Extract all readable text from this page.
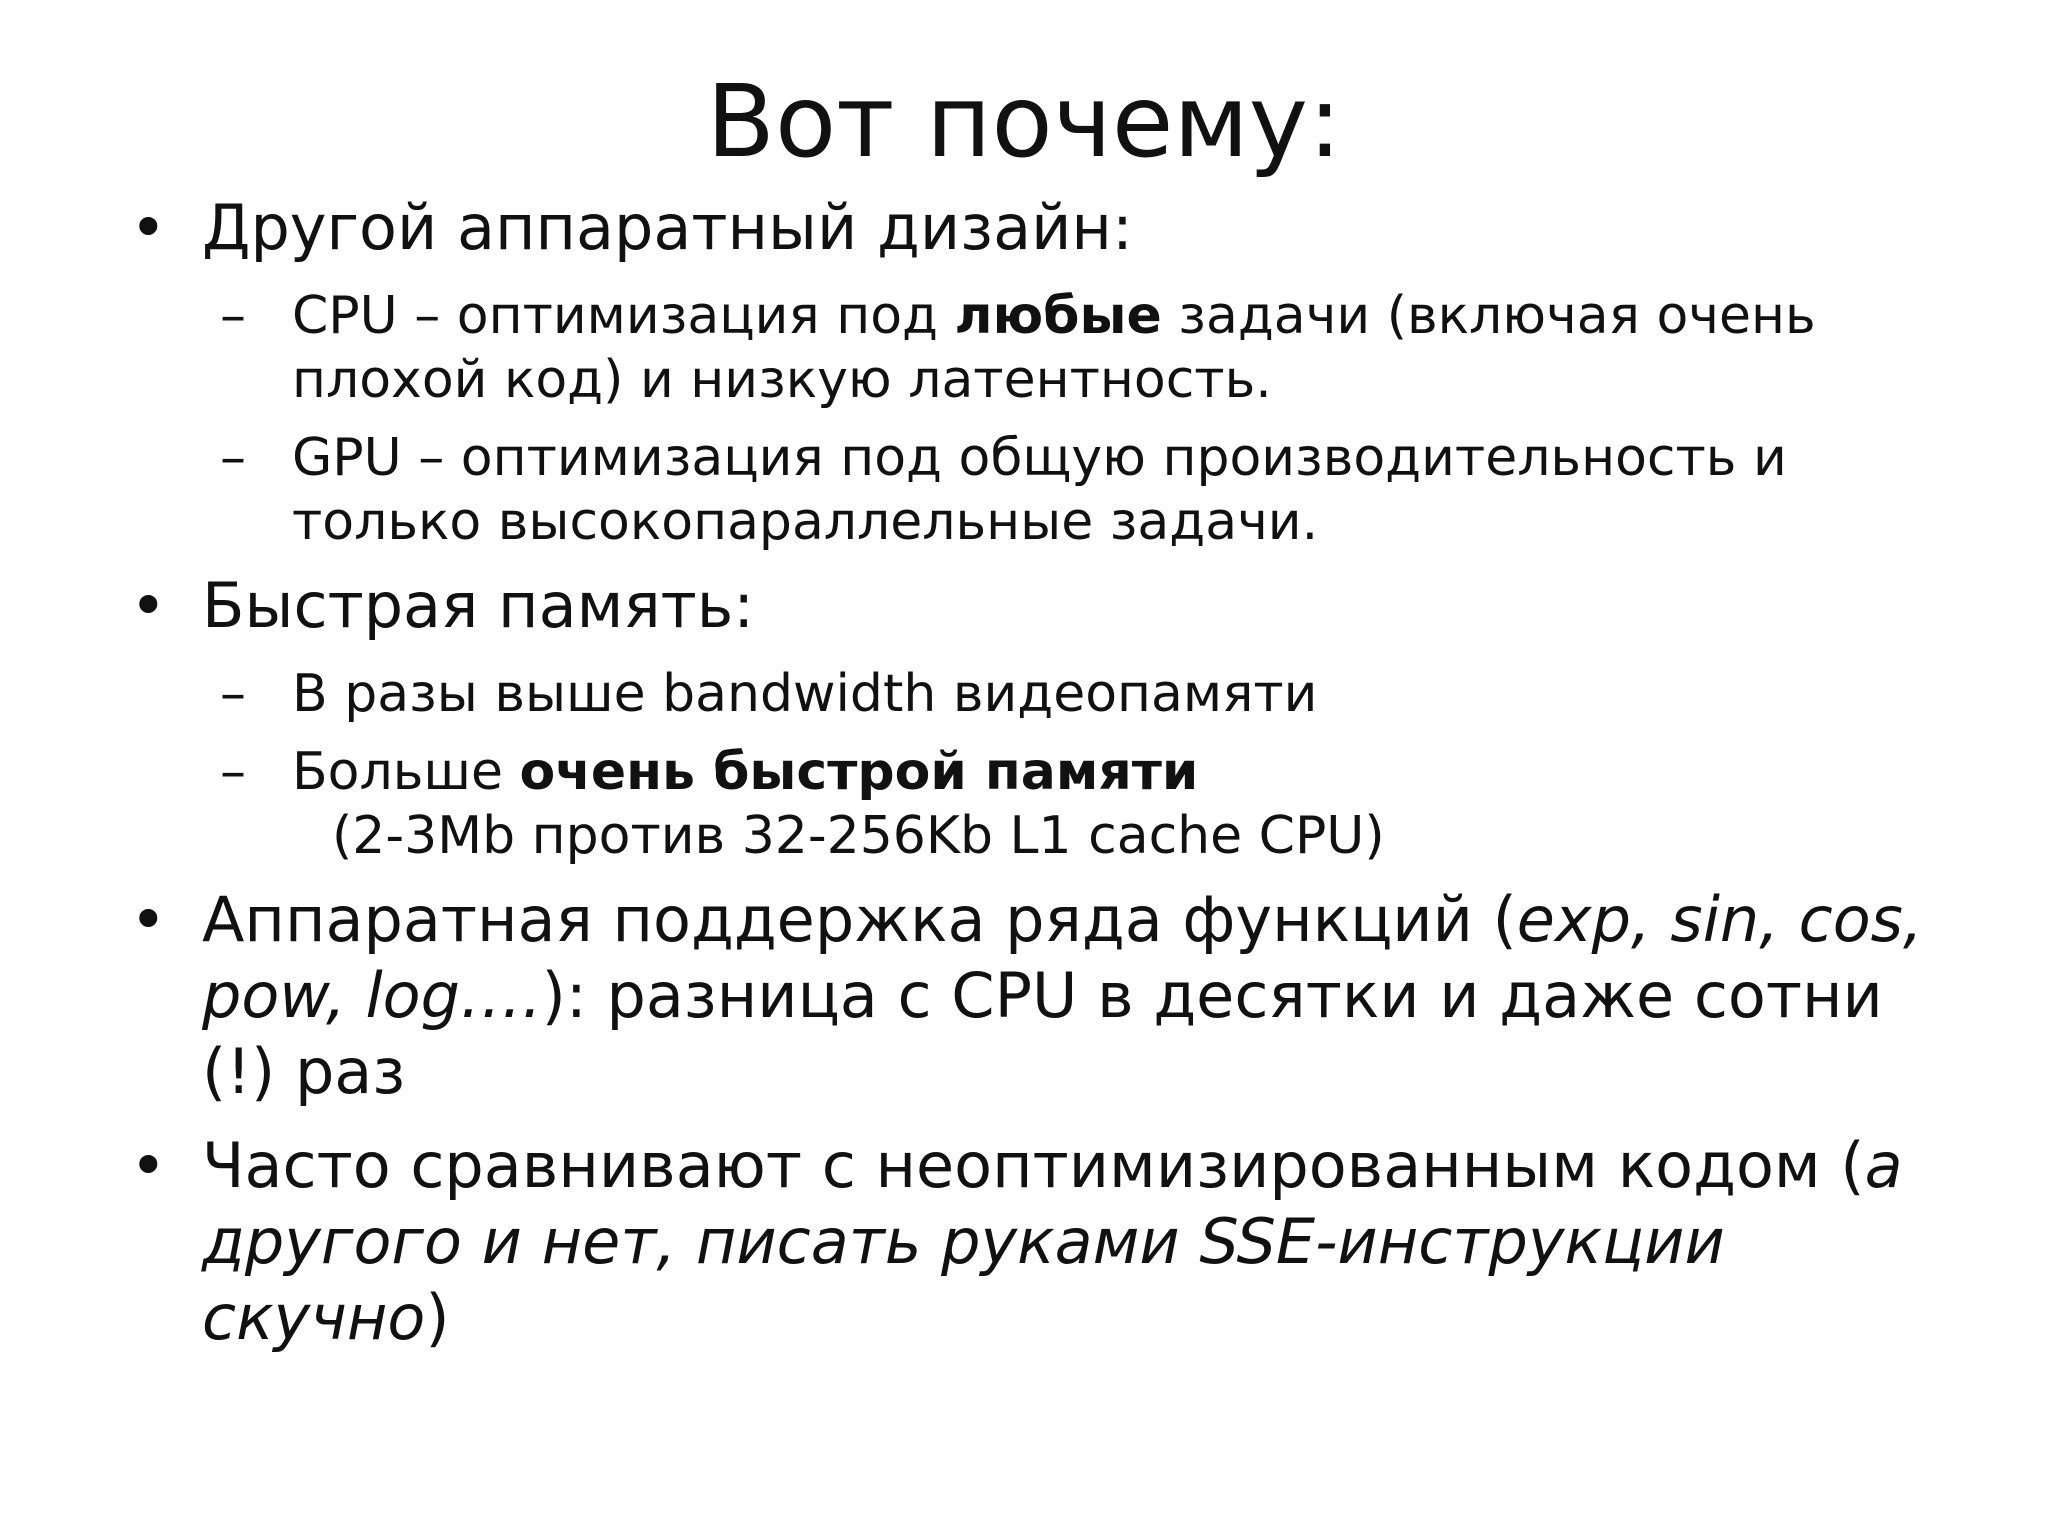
Вот почему:
• Другой аппаратный дизайн:
– CPU – оптимизация под любые задачи (включая очень плохой код) и низкую латентность.
– GPU – оптимизация под общую производительность и только высокопараллельные задачи.
• Быстрая память:
– В разы выше bandwidth видеопамяти
– Больше очень быстрой памяти
(2-3Mb против 32-256Kb L1 cache CPU)
• Аппаратная поддержка ряда функций (exp, sin, cos, pow, log….): разница с CPU в десятки и даже сотни (!) раз
• Часто сравнивают с неоптимизированным кодом (а другого и нет, писать руками SSE-инструкции скучно)
